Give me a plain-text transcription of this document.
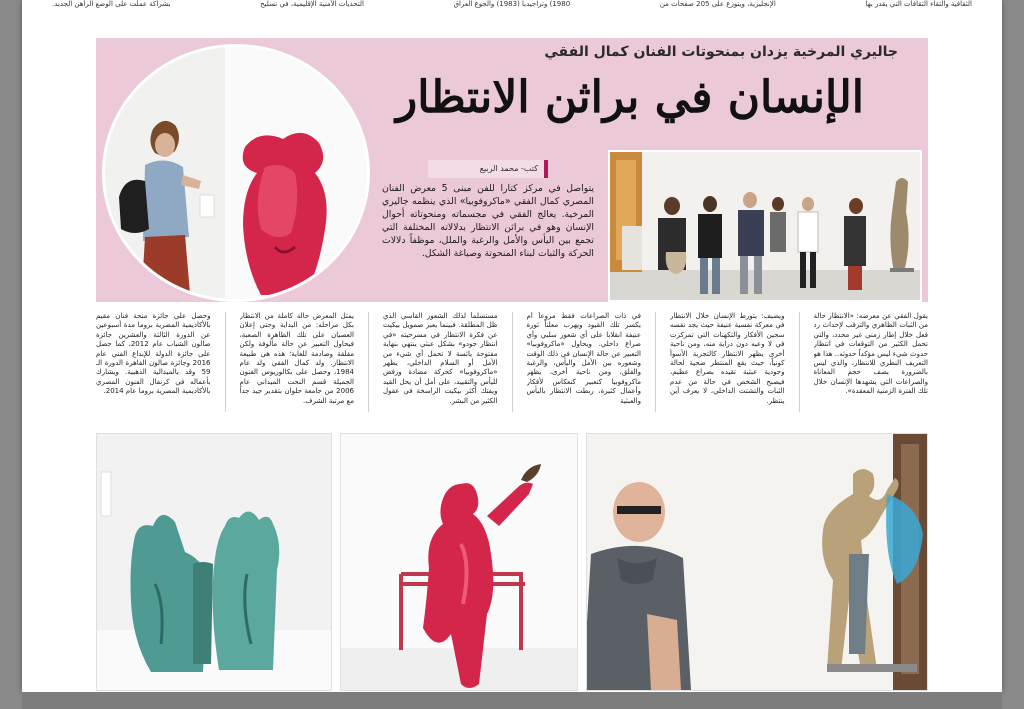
الثقافية والتقاء الثقافات التي يقدر بها
الإنجليزية، ويتوزع على 205 صفحات من
1980) وتراجيديا (1983) والجوع العراق
التحديات الأمنية الإقليمية، في تسليح
بشراكة عملت على الوضع الراهن الجديد.
جاليري المرخية يزدان بمنحوتات الفنان كمال الفقي
الإنسان في براثن الانتظار
كتب- محمد الربيع
يتواصل في مركز كتارا للفن مبنى 5 معرض الفنان المصري كمال الفقي «ماكروفوبيا» الذي ينظمه جاليري المرخية. يعالج الفقي في مجسماته ومنحوتاته أحوال الإنسان وهو في براثن الانتظار بدلالاته المختلفة التي تجمع بين اليأس والأمل والرغبة والملل، موظفاً دلالات الحركة والثبات لبناء المنحوتة وصياغة الشكل.
يقول الفقي عن معرضه: «الانتظار حالة من الثبات الظاهري والترقب لإحداث رد فعل خلال إطار زمني غير محدد، والتي تحمل الكثير من التوقعات في انتظار حدوث شيء ليس مؤكداً حدوثه.. هذا هو التعريف النظري للانتظار، والذي ليس بالضرورة يصف حجم المعاناة والصراعات التي يشهدها الإنسان خلال تلك الفترة الزمنية المعقدة».
ويضيف: يتورط الإنسان خلال الانتظار في معركة نفسية عنيفة حيث يجد نفسه سجين الأفكار والتكهنات التي تمركزت في لا وعيه دون دراية منه، ومن ناحية أخرى يظهر الانتظار كالتجربة الأسوأ كونياً، حيث يقع المنتظر ضحية لحالة وجودية عبثية تقيده بصراع عظيم، فيصبح الشخص في حالة من عدم الثبات والتشتت الداخلي، لا يعرف أين ينتظر.
في ذات الصراعات فقط مروعاً أم يكسر تلك القيود ويهرب معلناً ثورة عنيفة انقلابا على أي شعور سلبي وأي صراع داخلي. ويحاول «ماكروفوبيا» التعبير عن حالة الإنسان في ذلك الوقت وشعوره بين الأمل واليأس، والرغبة والقلق، ومن ناحية أخرى، يظهر ماكروفوبيا كتعبير كنعكاس لأفكار وأعمال كثيرة، ربطت الانتظار باليأس والعبثية
مستسلماً لذلك الشعور القاسي الذي ظل المطلقة. فبينما يعبر صمويل بيكيت عن فكرة الانتظار في مسرحيته «في انتظار جودو» بشكل عبثي ينتهي بنهاية مفتوحة يائسة لا تحمل أي شيء من الأمل أو السلام الداخلي، يظهر «ماكروفوبيا» كحركة مضادة ورفض لليأس والتقييد، على أمل أن يحل القيد ويفتك أكثر بيكيت الراسخة في عقول الكثير من البشر.
يمثل المعرض حالة كاملة من الانتظار بكل مراحله: من البداية وحتى إعلان العصيان على تلك الظاهرة الصعبة، فيحاول التعبير عن حالة مألوفة ولكن مقلقة وصادمة للغاية؛ هذه هي طبيعة الانتظار. ولد كمال الفقي ولد عام 1984، وحصل على بكالوريوس الفنون الجميلة قسم النحت الميداني عام 2006 من جامعة حلوان بتقدير جيد جداً مع مرتبة الشرف.
وحصل على جائزة منحة فنان مقيم بالأكاديمية المصرية بروما مدة أسبوعين عن الدورة الثالثة والعشرين جائزة صالون الشباب عام 2012، كما حصل على جائزة الدولة للإبداع الفني عام 2016 وجائزة صالون القاهرة الدورة الـ 59 وقد بالميدالية الذهبية. ويشارك بأعماله في كرنفال الفنون المصري بالأكاديمية المصرية بروما عام 2014.
